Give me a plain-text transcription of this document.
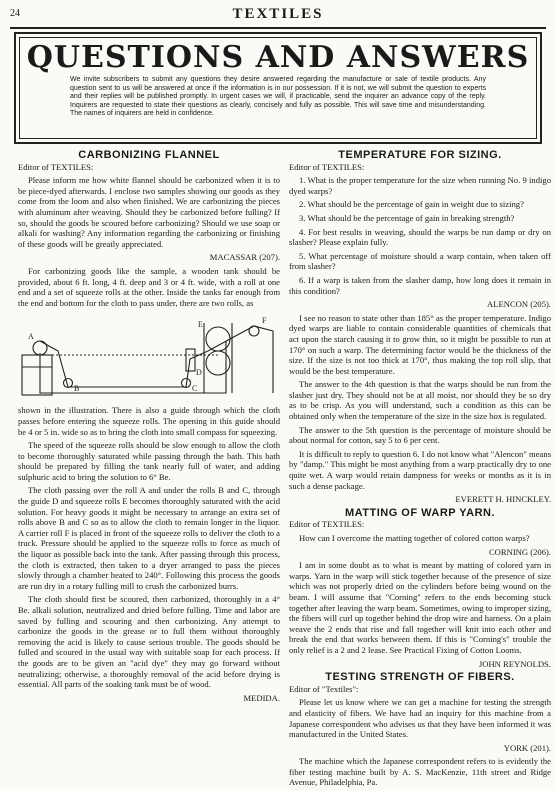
24	TEXTILES
QUESTIONS AND ANSWERS
We invite subscribers to submit any questions they desire answered regarding the manufacture or sale of textile products. Any question sent to us will be answered at once if the information is in our possession. If it is not, we will submit the question to experts and their replies will be published promptly. In urgent cases we will, if practicable, send the inquirer an advance copy of the reply. Inquirers are requested to state their questions as clearly, concisely and fully as possible. This will save time and misunderstanding. The names of inquirers are held in confidence.
CARBONIZING FLANNEL

Editor of TEXTILES:

Please inform me how white flannel should be carbonized when it is to be piece-dyed afterwards. I enclose two samples showing our goods as they come from the loom and also when finished. We are carbonizing the pieces with aluminum after weaving. Should they be carbonized before fulling? If so, should the goods be scoured before carbonizing? Should we use soap or alkali for washing? Any information regarding the carbonizing or finishing of these goods will be greatly appreciated.

MACASSAR (207).

For carbonizing goods like the sample, a wooden tank should be provided, about 6 ft. long, 4 ft. deep and 3 or 4 ft. wide, with a roll at one end and a set of squeeze rolls at the other. Inside the tanks far enough from the end and bottom for the cloth to pass under, there are two rolls, as

A
B	C
D
E	F

shown in the illustration. There is also a guide through which the cloth passes before entering the squeeze rolls. The opening in this guide should be 4 or 5 in. wide so as to bring the cloth into small compass for squeezing.

The speed of the squeeze rolls should be slow enough to allow the cloth to become thoroughly saturated while passing through the bath. This bath should be prepared by filling the tank nearly full of water, and adding sulphuric acid to bring the solution to 6° Be.

The cloth passing over the roll A and under the rolls B and C, through the guide D and squeeze rolls E becomes thoroughly saturated with the acid solution. For heavy goods it might be necessary to arrange an extra set of rolls above B and C so as to allow the cloth to remain longer in the liquor. A carrier roll F is placed in front of the squeeze rolls to deliver the cloth to a truck. Pressure should be applied to the squeeze rolls to force as much of the liquor as possible back into the tank. After passing through this process, the cloth is extracted, then taken to a dryer arranged to pass the pieces slowly through a chamber heated to 240°. Following this process the goods are run dry in a rotary fulling mill to crush the carbonized burrs.

The cloth should first be scoured, then carbonized, thoroughly in a 4° Be. alkali solution, neutralized and dried before fulling. Time and labor are saved by fulling and scouring and then carbonizing. Any attempt to carbonize the goods in the grease or to full them without thoroughly removing the acid is likely to cause serious trouble. The goods should be fulled and scoured in the usual way with suitable soap for each process. If the goods are to be given an "acid dye" they may go forward without neutralizing; otherwise, a thoroughly removal of the acid before drying is essential. All parts of the soaking tank must be of wood.

MEDIDA.

TEMPERATURE FOR SIZING.

Editor of TEXTILES:

1. What is the proper temperature for the size when running No. 9 indigo dyed warps?

2. What should be the percentage of gain in weight due to sizing?

3. What should be the percentage of gain in breaking strength?

4. For best results in weaving, should the warps be run damp or dry on slasher? Please explain fully.

5. What percentage of moisture should a warp contain, when taken off from slasher?

6. If a warp is taken from the slasher damp, how long does it remain in this condition?

ALENCON (205).

I see no reason to state other than 185° as the proper temperature. Indigo dyed warps are liable to contain considerable quantities of chemicals that act upon the starch causing it to grow thin, so it might be possible to run at 170° on such a warp. The determining factor would be the thickness of the size. If the size is not too thick at 170°, thus making the top roll slip, that would be the best temperature.

The answer to the 4th question is that the warps should be run from the slasher just dry. They should not be at all moist, nor should they be so dry as to be crisp. As you will understand, such a condition as this can be obtained only when the temperature of the size in the size box is regulated.

The answer to the 5th question is the percentage of moisture should be about normal for cotton, say 5 to 6 per cent.

It is difficult to reply to question 6. I do not know what "Alencon" means by "damp." This might be most anything from a warp practically dry to one quite wet. A warp would retain dampness for weeks or months as it is in such a dense package.

EVERETT H. HINCKLEY.

MATTING OF WARP YARN.

Editor of TEXTILES:

How can I overcome the matting together of colored cotton warps?

CORNING (206).

I am in some doubt as to what is meant by matting of colored yarn in warps. Yarn in the warp will stick together because of the presence of size which was not properly dried on the cylinders before being wound on the beam. I will assume that "Corning" refers to the ends becoming stuck together after leaving the warp beam. Sometimes, owing to improper sizing, the fibers will curl up together behind the drop wire and harness. On a plain weave the 2 ends that rise and fall together will knit into each other and break the end that works between them. If this is "Corning's" trouble the only relief is a 2 and 2 lease. See Practical Fixing of Cotton Looms.

JOHN REYNOLDS.

TESTING STRENGTH OF FIBERS.

Editor of "Textiles":

Please let us know where we can get a machine for testing the strength and elasticity of fibers. We have had an inquiry for this machine from a Japanese correspondent who advises us that they have been informed it was manufactured in the United States.

YORK (201).

The machine which the Japanese correspondent refers to is evidently the fiber testing machine built by A. S. MacKenzie, 11th street and Ridge Avenue, Philadelphia, Pa.
